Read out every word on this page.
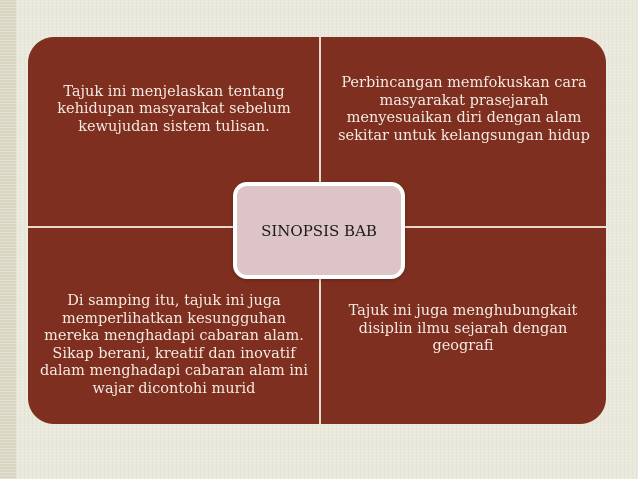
Tajuk ini menjelaskan tentang kehidupan masyarakat sebelum kewujudan sistem tulisan.
Perbincangan memfokuskan cara masyarakat prasejarah menyesuaikan diri dengan alam sekitar untuk kelangsungan hidup
Di samping itu, tajuk ini juga memperlihatkan kesungguhan mereka menghadapi cabaran alam. Sikap berani, kreatif dan inovatif dalam menghadapi cabaran alam ini wajar dicontohi murid
Tajuk ini juga menghubungkait disiplin ilmu sejarah dengan geografi
SINOPSIS BAB
